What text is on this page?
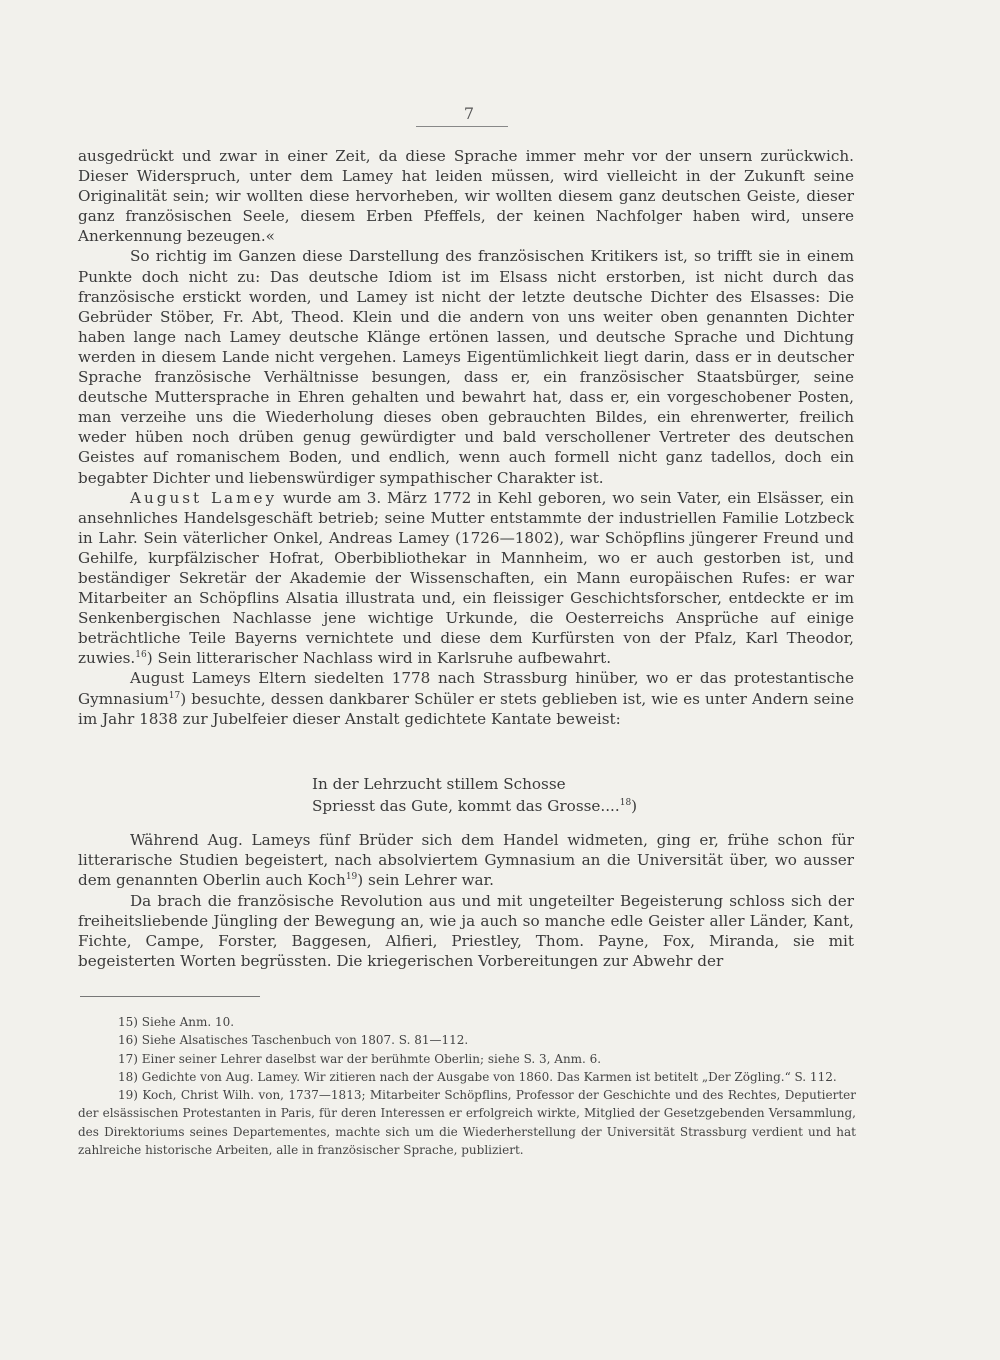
7

ausgedrückt und zwar in einer Zeit, da diese Sprache immer mehr vor der unsern zurückwich. Dieser Widerspruch, unter dem Lamey hat leiden müssen, wird vielleicht in der Zukunft seine Originalität sein; wir wollten diese hervorheben, wir wollten diesem ganz deutschen Geiste, dieser ganz französischen Seele, diesem Erben Pfeffels, der keinen Nachfolger haben wird, unsere Anerkennung bezeugen.«

So richtig im Ganzen diese Darstellung des französischen Kritikers ist, so trifft sie in einem Punkte doch nicht zu: Das deutsche Idiom ist im Elsass nicht erstorben, ist nicht durch das französische erstickt worden, und Lamey ist nicht der letzte deutsche Dichter des Elsasses: Die Gebrüder Stöber, Fr. Abt, Theod. Klein und die andern von uns weiter oben genannten Dichter haben lange nach Lamey deutsche Klänge ertönen lassen, und deutsche Sprache und Dichtung werden in diesem Lande nicht vergehen. Lameys Eigentümlichkeit liegt darin, dass er in deutscher Sprache französische Verhältnisse besungen, dass er, ein französischer Staatsbürger, seine deutsche Muttersprache in Ehren gehalten und bewahrt hat, dass er, ein vorgeschobener Posten, man verzeihe uns die Wiederholung dieses oben gebrauchten Bildes, ein ehrenwerter, freilich weder hüben noch drüben genug gewürdigter und bald verschollener Vertreter des deutschen Geistes auf romanischem Boden, und endlich, wenn auch formell nicht ganz tadellos, doch ein begabter Dichter und liebenswürdiger sympathischer Charakter ist.

August Lamey wurde am 3. März 1772 in Kehl geboren, wo sein Vater, ein Elsässer, ein ansehnliches Handelsgeschäft betrieb; seine Mutter entstammte der industriellen Familie Lotzbeck in Lahr. Sein väterlicher Onkel, Andreas Lamey (1726—1802), war Schöpflins jüngerer Freund und Gehilfe, kurpfälzischer Hofrat, Oberbibliothekar in Mannheim, wo er auch gestorben ist, und beständiger Sekretär der Akademie der Wissenschaften, ein Mann europäischen Rufes: er war Mitarbeiter an Schöpflins Alsatia illustrata und, ein fleissiger Geschichtsforscher, entdeckte er im Senkenbergischen Nachlasse jene wichtige Urkunde, die Oesterreichs Ansprüche auf einige beträchtliche Teile Bayerns vernichtete und diese dem Kurfürsten von der Pfalz, Karl Theodor, zuwies.$^{16}$) Sein litterarischer Nachlass wird in Karlsruhe aufbewahrt.

August Lameys Eltern siedelten 1778 nach Strassburg hinüber, wo er das protestantische Gymnasium$^{17}$) besuchte, dessen dankbarer Schüler er stets geblieben ist, wie es unter Andern seine im Jahr 1838 zur Jubelfeier dieser Anstalt gedichtete Kantate beweist:

In der Lehrzucht stillem Schosse
Spriesst das Gute, kommt das Grosse....$^{18}$)

Während Aug. Lameys fünf Brüder sich dem Handel widmeten, ging er, frühe schon für litterarische Studien begeistert, nach absolviertem Gymnasium an die Universität über, wo ausser dem genannten Oberlin auch Koch$^{19}$) sein Lehrer war.

Da brach die französische Revolution aus und mit ungeteilter Begeisterung schloss sich der freiheitsliebende Jüngling der Bewegung an, wie ja auch so manche edle Geister aller Länder, Kant, Fichte, Campe, Forster, Baggesen, Alfieri, Priestley, Thom. Payne, Fox, Miranda, sie mit begeisterten Worten begrüssten. Die kriegerischen Vorbereitungen zur Abwehr der

15) Siehe Anm. 10.

16) Siehe Alsatisches Taschenbuch von 1807. S. 81—112.

17) Einer seiner Lehrer daselbst war der berühmte Oberlin; siehe S. 3, Anm. 6.

18) Gedichte von Aug. Lamey. Wir zitieren nach der Ausgabe von 1860. Das Karmen ist betitelt „Der Zögling.“ S. 112.

19) Koch, Christ Wilh. von, 1737—1813; Mitarbeiter Schöpflins, Professor der Geschichte und des Rechtes, Deputierter der elsässischen Protestanten in Paris, für deren Interessen er erfolgreich wirkte, Mitglied der Gesetzgebenden Versammlung, des Direktoriums seines Departementes, machte sich um die Wiederherstellung der Universität Strassburg verdient und hat zahlreiche historische Arbeiten, alle in französischer Sprache, publiziert.
